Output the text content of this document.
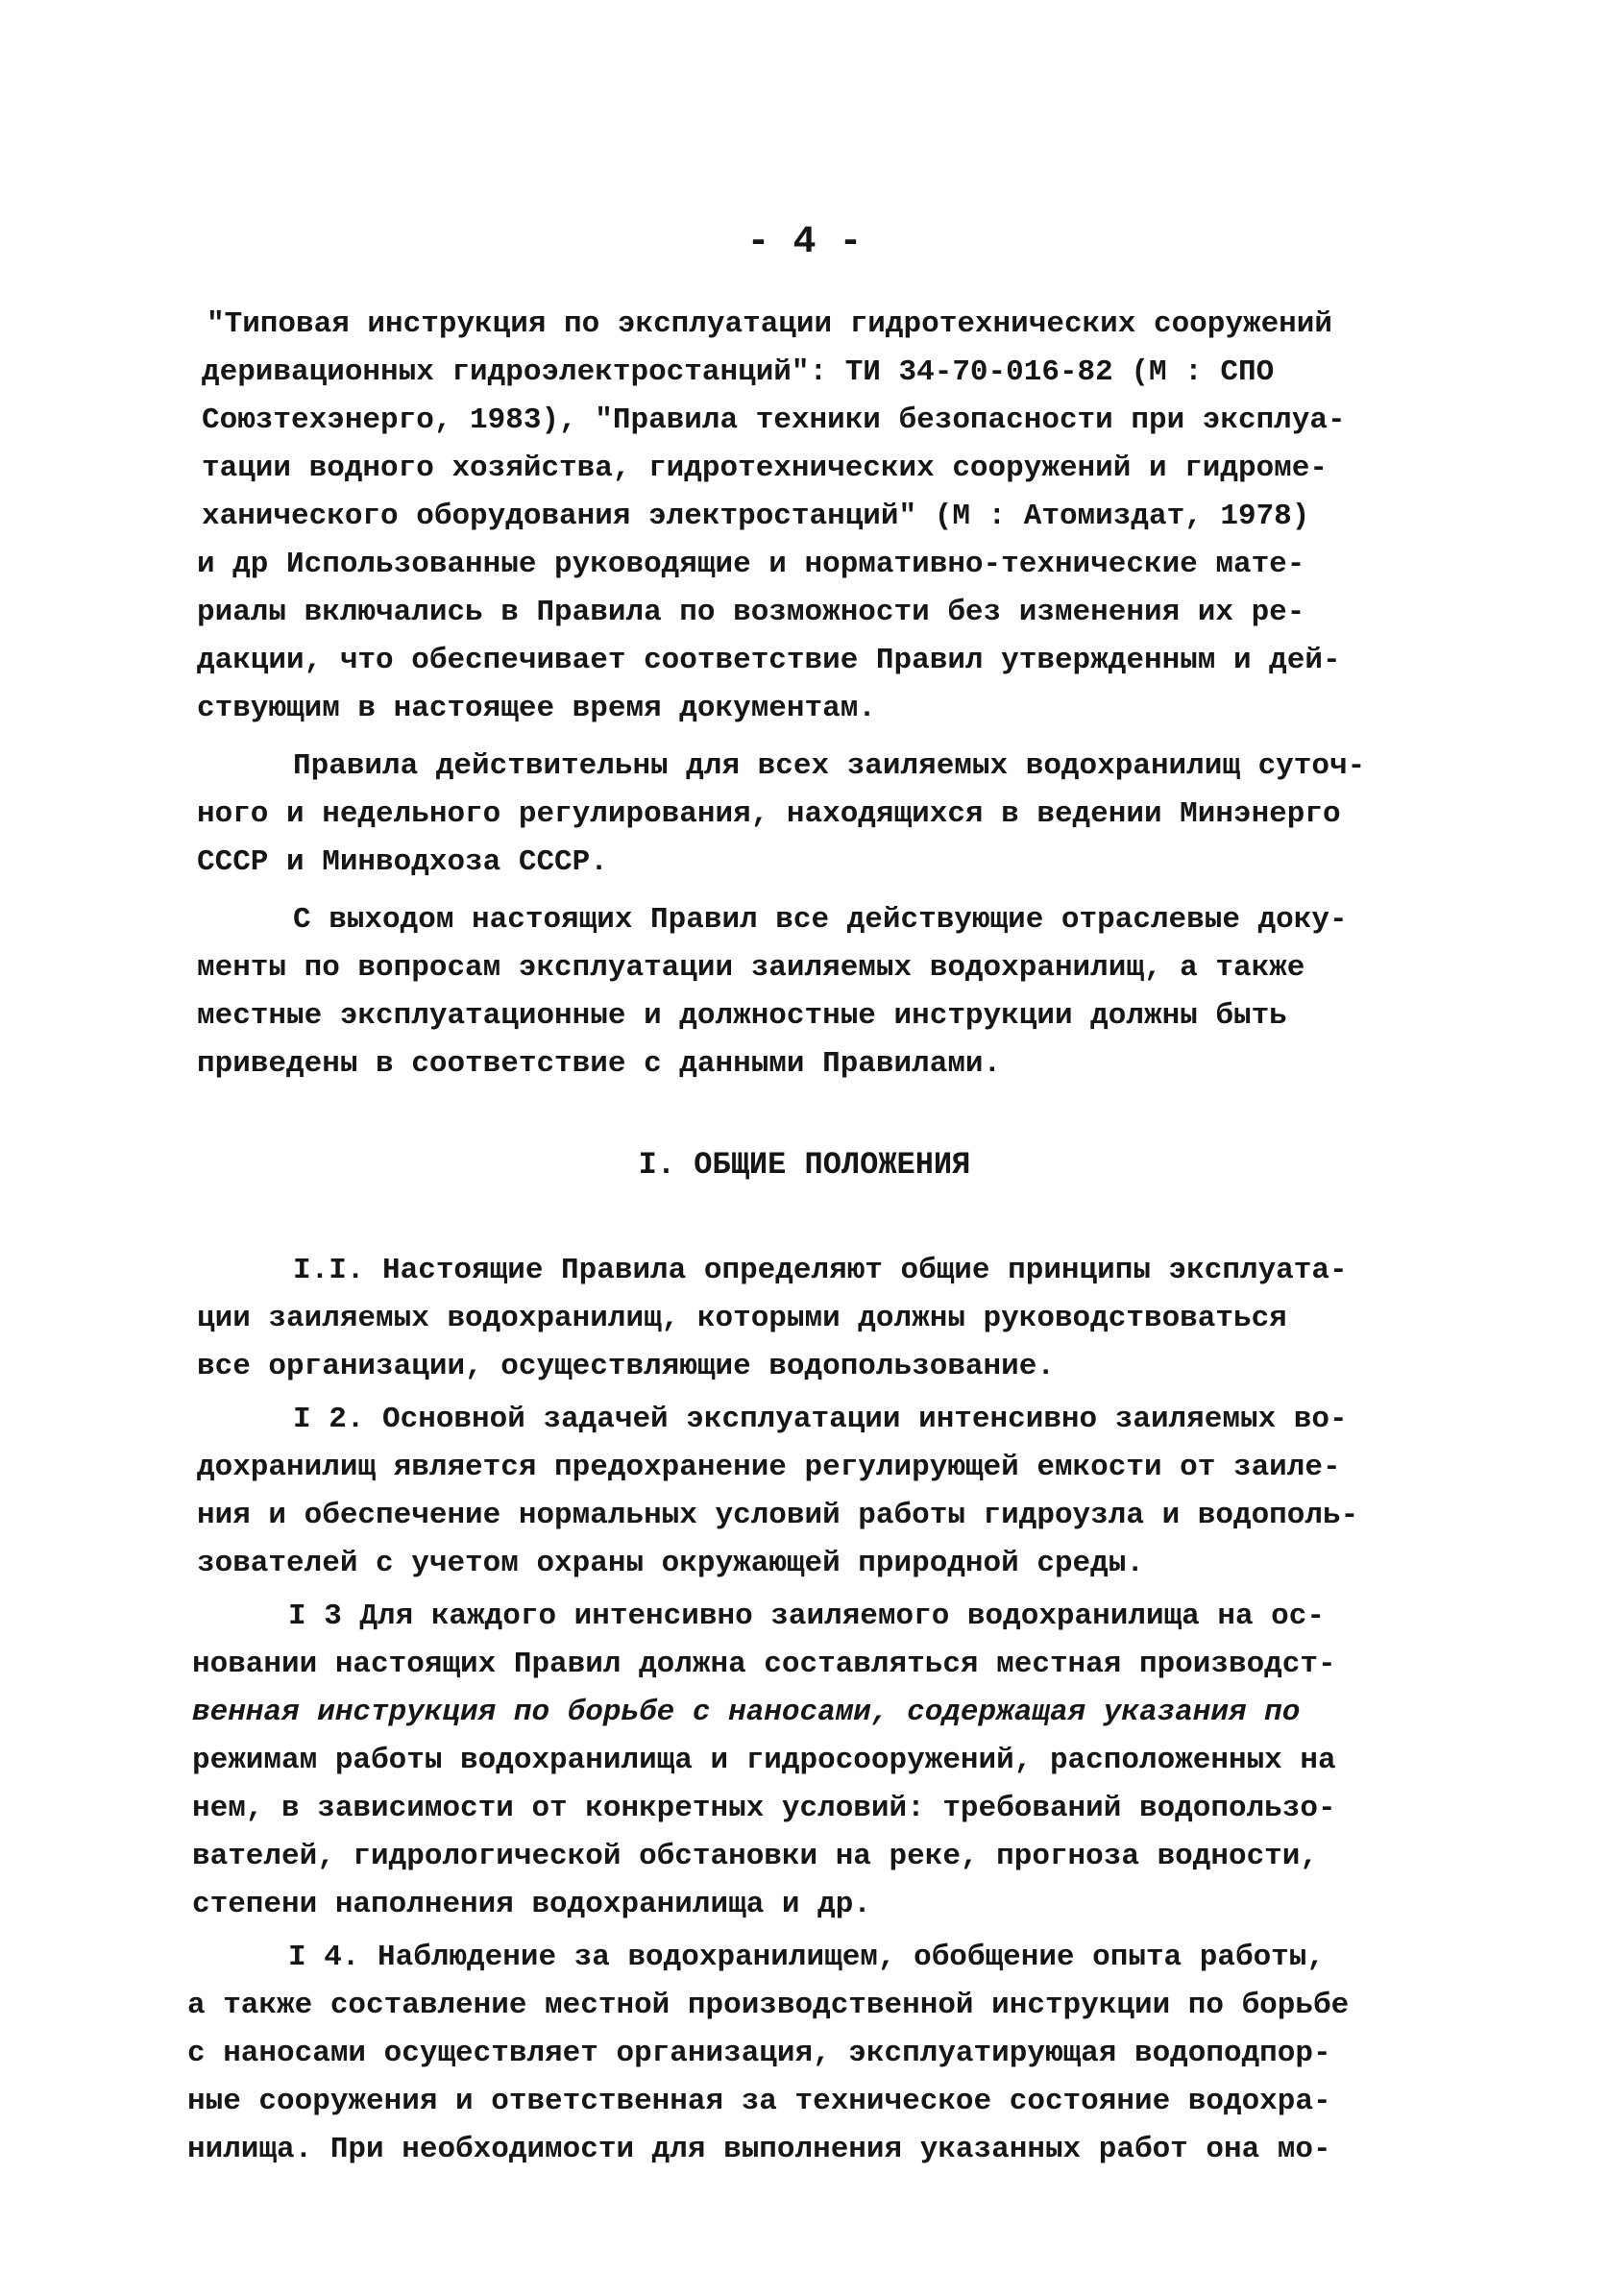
- 4 -
"Типовая инструкция по эксплуатации гидротехнических сооружений
деривационных гидроэлектростанций": ТИ 34-70-016-82 (М : СПО
Союзтехэнерго, 1983), "Правила техники безопасности при эксплуа-
тации водного хозяйства, гидротехнических сооружений и гидроме-
ханического оборудования электростанций" (М : Атомиздат, 1978)
и др Использованные руководящие и нормативно-технические мате-
риалы включались в Правила по возможности без изменения их ре-
дакции, что обеспечивает соответствие Правил утвержденным и дей-
ствующим в настоящее время документам.
Правила действительны для всех заиляемых водохранилищ суточ-
ного и недельного регулирования, находящихся в ведении Минэнерго
СССР и Минводхоза СССР.
С выходом настоящих Правил все действующие отраслевые доку-
менты по вопросам эксплуатации заиляемых водохранилищ, а также
местные эксплуатационные и должностные инструкции должны быть
приведены в соответствие с данными Правилами.
I. ОБЩИЕ ПОЛОЖЕНИЯ
I.I. Настоящие Правила определяют общие принципы эксплуата-
ции заиляемых водохранилищ, которыми должны руководствоваться
все организации, осуществляющие водопользование.
I 2. Основной задачей эксплуатации интенсивно заиляемых во-
дохранилищ является предохранение регулирующей емкости от заиле-
ния и обеспечение нормальных условий работы гидроузла и водополь-
зователей с учетом охраны окружающей природной среды.
I 3 Для каждого интенсивно заиляемого водохранилища на ос-
новании настоящих Правил должна составляться местная производст-
венная инструкция по борьбе с наносами, содержащая указания по
режимам работы водохранилища и гидросооружений, расположенных на
нем, в зависимости от конкретных условий: требований водопользо-
вателей, гидрологической обстановки на реке, прогноза водности,
степени наполнения водохранилища и др.
I 4. Наблюдение за водохранилищем, обобщение опыта работы,
а также составление местной производственной инструкции по борьбе
с наносами осуществляет организация, эксплуатирующая водоподпор-
ные сооружения и ответственная за техническое состояние водохра-
нилища. При необходимости для выполнения указанных работ она мо-
